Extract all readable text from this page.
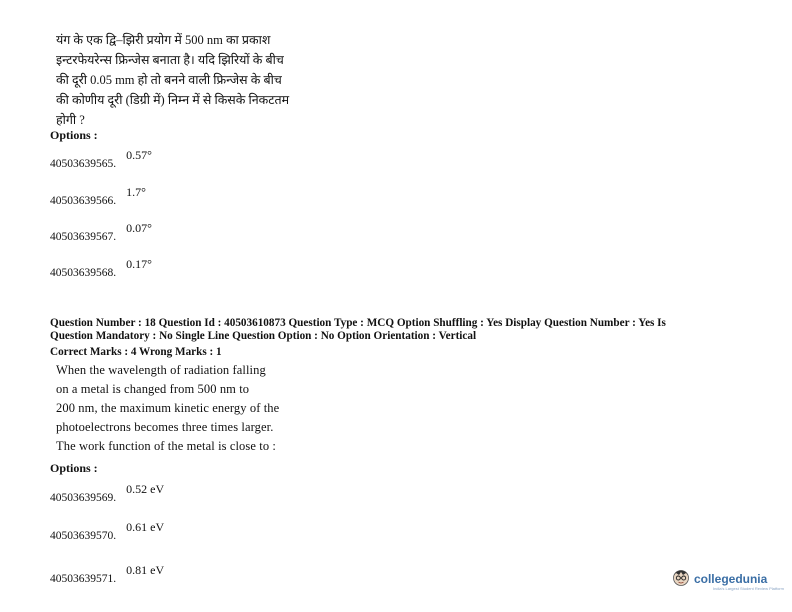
यंग के एक द्वि–झिरी प्रयोग में 500 nm का प्रकाश
इन्टरफेयरेन्स फ्रिन्जेस बनाता है। यदि झिरियों के बीच
की दूरी 0.05 mm हो तो बनने वाली फ्रिन्जेस के बीच
की कोणीय दूरी (डिग्री में) निम्न में से किसके निकटतम
होगी ?
Options :
$_{40503639565.}$ 0.57°
$_{40503639566.}$ 1.7°
$_{40503639567.}$ 0.07°
$_{40503639568.}$ 0.17°
Question Number : 18 Question Id : 40503610873 Question Type : MCQ Option Shuffling : Yes Display Question Number : Yes Is
Question Mandatory : No Single Line Question Option : No Option Orientation : Vertical
Correct Marks : 4 Wrong Marks : 1
When the wavelength of radiation falling
on a metal is changed from 500 nm to
200 nm, the maximum kinetic energy of the
photoelectrons becomes three times larger.
The work function of the metal is close to :
Options :
$_{40503639569.}$ 0.52 eV
$_{40503639570.}$ 0.61 eV
$_{40503639571.}$ 0.81 eV
collegedunia
India's Largest Student Review Platform
